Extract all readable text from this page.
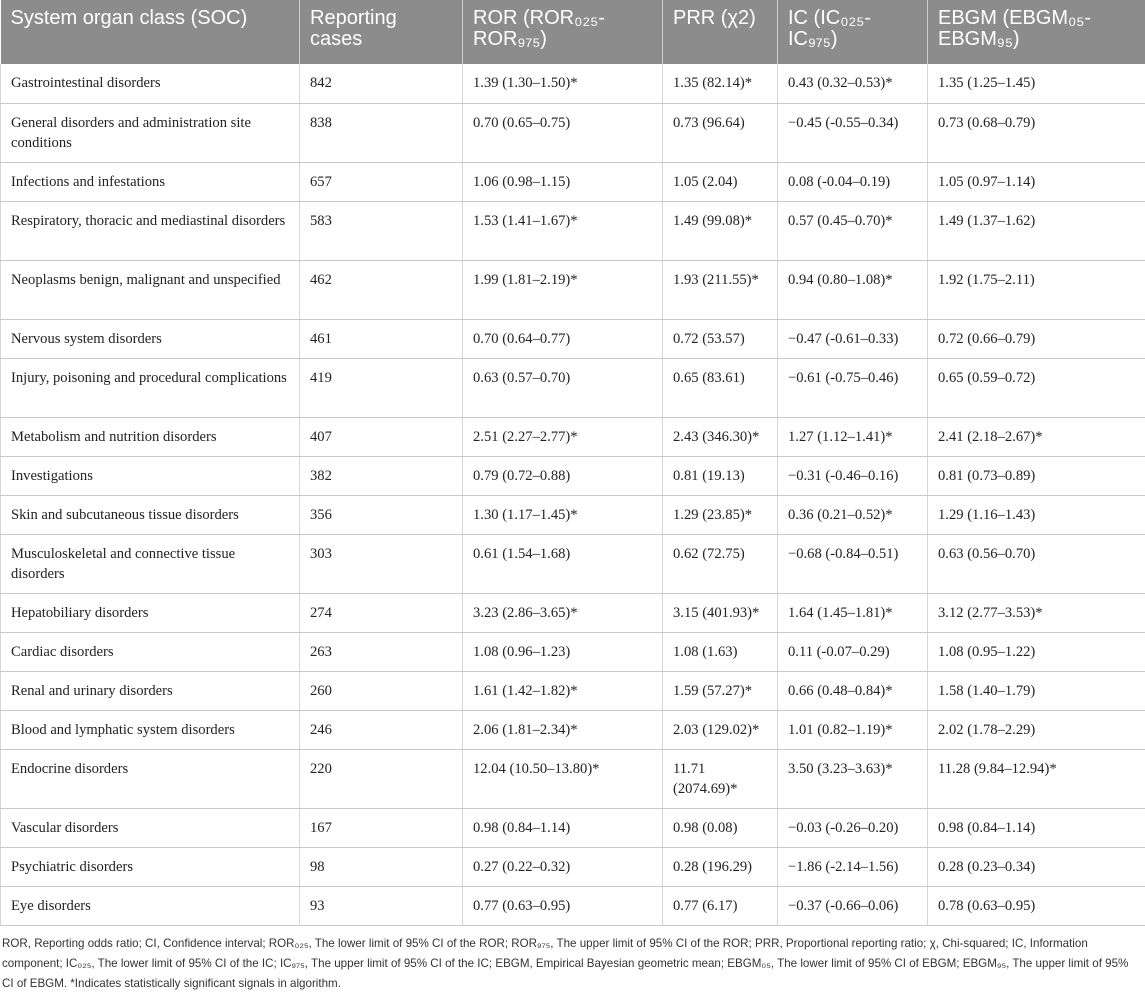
System organ class (SOC)	Reporting cases	ROR (ROR₀₂₅-ROR₉₇₅)	PRR (χ2)	IC (IC₀₂₅-IC₉₇₅)	EBGM (EBGM₀₅-EBGM₉₅)
Gastrointestinal disorders	842	1.39 (1.30–1.50)*	1.35 (82.14)*	0.43 (0.32–0.53)*	1.35 (1.25–1.45)
General disorders and administration site conditions	838	0.70 (0.65–0.75)	0.73 (96.64)	−0.45 (-0.55–0.34)	0.73 (0.68–0.79)
Infections and infestations	657	1.06 (0.98–1.15)	1.05 (2.04)	0.08 (-0.04–0.19)	1.05 (0.97–1.14)
Respiratory, thoracic and mediastinal disorders	583	1.53 (1.41–1.67)*	1.49 (99.08)*	0.57 (0.45–0.70)*	1.49 (1.37–1.62)
Neoplasms benign, malignant and unspecified	462	1.99 (1.81–2.19)*	1.93 (211.55)*	0.94 (0.80–1.08)*	1.92 (1.75–2.11)
Nervous system disorders	461	0.70 (0.64–0.77)	0.72 (53.57)	−0.47 (-0.61–0.33)	0.72 (0.66–0.79)
Injury, poisoning and procedural complications	419	0.63 (0.57–0.70)	0.65 (83.61)	−0.61 (-0.75–0.46)	0.65 (0.59–0.72)
Metabolism and nutrition disorders	407	2.51 (2.27–2.77)*	2.43 (346.30)*	1.27 (1.12–1.41)*	2.41 (2.18–2.67)*
Investigations	382	0.79 (0.72–0.88)	0.81 (19.13)	−0.31 (-0.46–0.16)	0.81 (0.73–0.89)
Skin and subcutaneous tissue disorders	356	1.30 (1.17–1.45)*	1.29 (23.85)*	0.36 (0.21–0.52)*	1.29 (1.16–1.43)
Musculoskeletal and connective tissue disorders	303	0.61 (1.54–1.68)	0.62 (72.75)	−0.68 (-0.84–0.51)	0.63 (0.56–0.70)
Hepatobiliary disorders	274	3.23 (2.86–3.65)*	3.15 (401.93)*	1.64 (1.45–1.81)*	3.12 (2.77–3.53)*
Cardiac disorders	263	1.08 (0.96–1.23)	1.08 (1.63)	0.11 (-0.07–0.29)	1.08 (0.95–1.22)
Renal and urinary disorders	260	1.61 (1.42–1.82)*	1.59 (57.27)*	0.66 (0.48–0.84)*	1.58 (1.40–1.79)
Blood and lymphatic system disorders	246	2.06 (1.81–2.34)*	2.03 (129.02)*	1.01 (0.82–1.19)*	2.02 (1.78–2.29)
Endocrine disorders	220	12.04 (10.50–13.80)*	11.71 (2074.69)*	3.50 (3.23–3.63)*	11.28 (9.84–12.94)*
Vascular disorders	167	0.98 (0.84–1.14)	0.98 (0.08)	−0.03 (-0.26–0.20)	0.98 (0.84–1.14)
Psychiatric disorders	98	0.27 (0.22–0.32)	0.28 (196.29)	−1.86 (-2.14–1.56)	0.28 (0.23–0.34)
Eye disorders	93	0.77 (0.63–0.95)	0.77 (6.17)	−0.37 (-0.66–0.06)	0.78 (0.63–0.95)
ROR, Reporting odds ratio; CI, Confidence interval; ROR₀₂₅, The lower limit of 95% CI of the ROR; ROR₉₇₅, The upper limit of 95% CI of the ROR; PRR, Proportional reporting ratio; χ, Chi-squared; IC, Information component; IC₀₂₅, The lower limit of 95% CI of the IC; IC₉₇₅, The upper limit of 95% CI of the IC; EBGM, Empirical Bayesian geometric mean; EBGM₀₅, The lower limit of 95% CI of EBGM; EBGM₉₅, The upper limit of 95% CI of EBGM. *Indicates statistically significant signals in algorithm.
